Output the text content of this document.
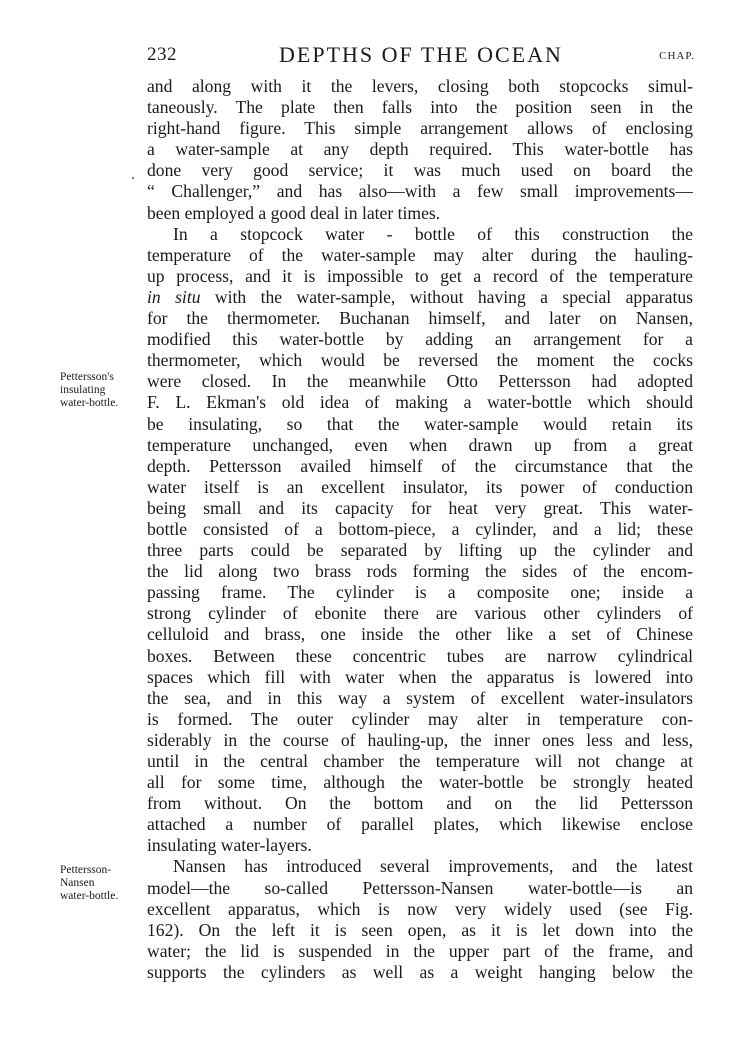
232	DEPTHS OF THE OCEAN	CHAP.
Pettersson's
insulating
water-bottle.
Pettersson-
Nansen
water-bottle.
and along with it the levers, closing both stopcocks simul-
taneously. The plate then falls into the position seen in the
right-hand figure. This simple arrangement allows of enclosing
a water-sample at any depth required. This water-bottle has
done very good service; it was much used on board the
“ Challenger,” and has also—with a few small improvements—
been employed a good deal in later times.
In a stopcock water - bottle of this construction the
temperature of the water-sample may alter during the hauling-
up process, and it is impossible to get a record of the temperature
in situ with the water-sample, without having a special apparatus
for the thermometer. Buchanan himself, and later on Nansen,
modified this water-bottle by adding an arrangement for a
thermometer, which would be reversed the moment the cocks
were closed. In the meanwhile Otto Pettersson had adopted
F. L. Ekman's old idea of making a water-bottle which should
be insulating, so that the water-sample would retain its
temperature unchanged, even when drawn up from a great
depth. Pettersson availed himself of the circumstance that the
water itself is an excellent insulator, its power of conduction
being small and its capacity for heat very great. This water-
bottle consisted of a bottom-piece, a cylinder, and a lid; these
three parts could be separated by lifting up the cylinder and
the lid along two brass rods forming the sides of the encom-
passing frame. The cylinder is a composite one; inside a
strong cylinder of ebonite there are various other cylinders of
celluloid and brass, one inside the other like a set of Chinese
boxes. Between these concentric tubes are narrow cylindrical
spaces which fill with water when the apparatus is lowered into
the sea, and in this way a system of excellent water-insulators
is formed. The outer cylinder may alter in temperature con-
siderably in the course of hauling-up, the inner ones less and less,
until in the central chamber the temperature will not change at
all for some time, although the water-bottle be strongly heated
from without. On the bottom and on the lid Pettersson
attached a number of parallel plates, which likewise enclose
insulating water-layers.
Nansen has introduced several improvements, and the latest
model—the so-called Pettersson-Nansen water-bottle—is an
excellent apparatus, which is now very widely used (see Fig.
162). On the left it is seen open, as it is let down into the
water; the lid is suspended in the upper part of the frame, and
supports the cylinders as well as a weight hanging below the
